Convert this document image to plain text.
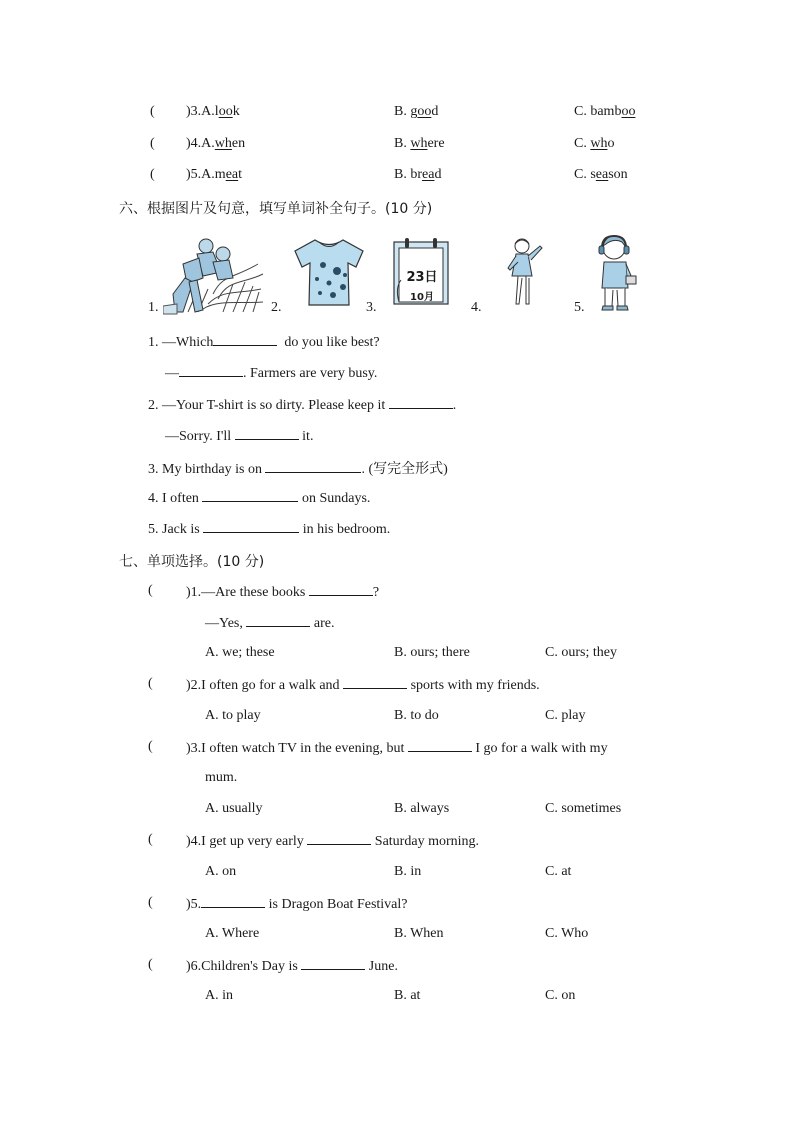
( )3.A.look	B. good	C. bamboo
( )4.A.when	B. where	C. who
( )5.A.meat	B. bread	C. season
六、根据图片及句意，填写单词补全句子。(10 分)
1.	2.	3.	4.	5.
23日
10月
1. —Which	do you like best?
—	. Farmers are very busy.
2. —Your T-shirt is so dirty. Please keep it	.
—Sorry. I'll	it.
3. My birthday is on	. (写完全形式)
4. I often	on Sundays.
5. Jack is	in his bedroom.
七、单项选择。(10 分)
( )1.—Are these books	?
—Yes,	are.
A. we; these	B. ours; there	C. ours; they
( )2.I often go for a walk and	sports with my friends.
A. to play	B. to do	C. play
( )3.I often watch TV in the evening, but	I go for a walk with my
mum.
A. usually	B. always	C. sometimes
( )4.I get up very early	Saturday morning.
A. on	B. in	C. at
( )5.	is Dragon Boat Festival?
A. Where	B. When	C. Who
( )6.Children's Day is	June.
A. in	B. at	C. on
